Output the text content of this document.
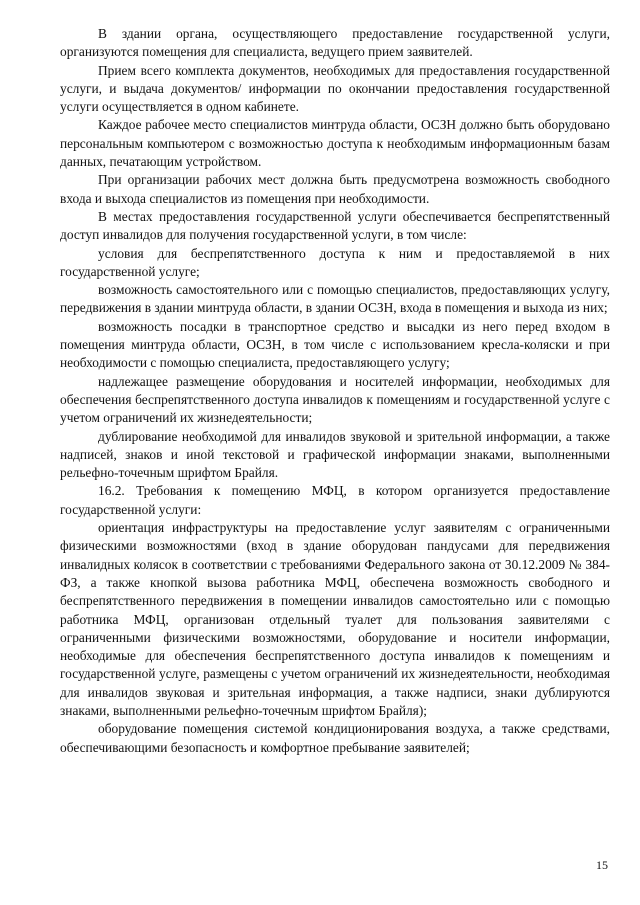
В здании органа, осуществляющего предоставление государственной услуги, организуются помещения для специалиста, ведущего прием заявителей.

Прием всего комплекта документов, необходимых для предоставления государственной услуги, и выдача документов/ информации по окончании предоставления государственной услуги осуществляется в одном кабинете.

Каждое рабочее место специалистов минтруда области, ОСЗН должно быть оборудовано персональным компьютером с возможностью доступа к необходимым информационным базам данных, печатающим устройством.

При организации рабочих мест должна быть предусмотрена возможность свободного входа и выхода специалистов из помещения при необходимости.

В местах предоставления государственной услуги обеспечивается беспрепятственный доступ инвалидов для получения государственной услуги, в том числе:

условия для беспрепятственного доступа к ним и предоставляемой в них государственной услуге;

возможность самостоятельного или с помощью специалистов, предоставляющих услугу, передвижения в здании минтруда области, в здании ОСЗН, входа в помещения и выхода из них;

возможность посадки в транспортное средство и высадки из него перед входом в помещения минтруда области, ОСЗН, в том числе с использованием кресла-коляски и при необходимости с помощью специалиста, предоставляющего услугу;

надлежащее размещение оборудования и носителей информации, необходимых для обеспечения беспрепятственного доступа инвалидов к помещениям и государственной услуге с учетом ограничений их жизнедеятельности;

дублирование необходимой для инвалидов звуковой и зрительной информации, а также надписей, знаков и иной текстовой и графической информации знаками, выполненными рельефно-точечным шрифтом Брайля.

16.2. Требования к помещению МФЦ, в котором организуется предоставление государственной услуги:

ориентация инфраструктуры на предоставление услуг заявителям с ограниченными физическими возможностями (вход в здание оборудован пандусами для передвижения инвалидных колясок в соответствии с требованиями Федерального закона от 30.12.2009 № 384-ФЗ, а также кнопкой вызова работника МФЦ, обеспечена возможность свободного и беспрепятственного передвижения в помещении инвалидов самостоятельно или с помощью работника МФЦ, организован отдельный туалет для пользования заявителями с ограниченными физическими возможностями, оборудование и носители информации, необходимые для обеспечения беспрепятственного доступа инвалидов к помещениям и государственной услуге, размещены с учетом ограничений их жизнедеятельности, необходимая для инвалидов звуковая и зрительная информация, а также надписи, знаки дублируются знаками, выполненными рельефно-точечным шрифтом Брайля);

оборудование помещения системой кондиционирования воздуха, а также средствами, обеспечивающими безопасность и комфортное пребывание заявителей;

15
